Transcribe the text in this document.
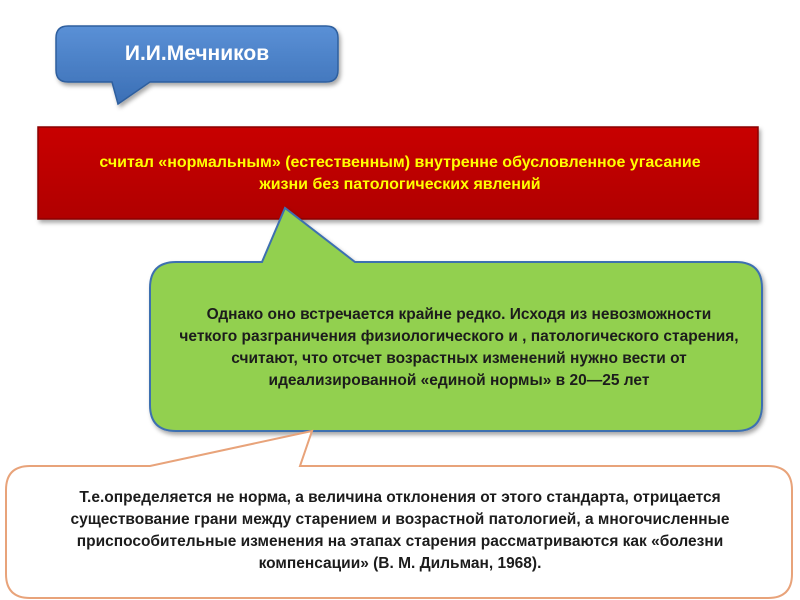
И.И.Мечников
считал «нормальным» (естественным) внутренне обусловленное угасание жизни без патологических явлений
Однако оно встречается крайне редко. Исходя из невозможности четкого разграничения физиологического и , патологического старения, считают, что отсчет возрастных изменений нужно вести от идеализированной «единой нормы» в 20—25 лет
Т.е.определяется не норма, а величина отклонения от этого стандарта, отрицается существование грани между старением и возрастной патологией, а многочисленные приспособительные изменения на этапах старения рассматриваются как «болезни компенсации» (В. М. Дильман, 1968).
